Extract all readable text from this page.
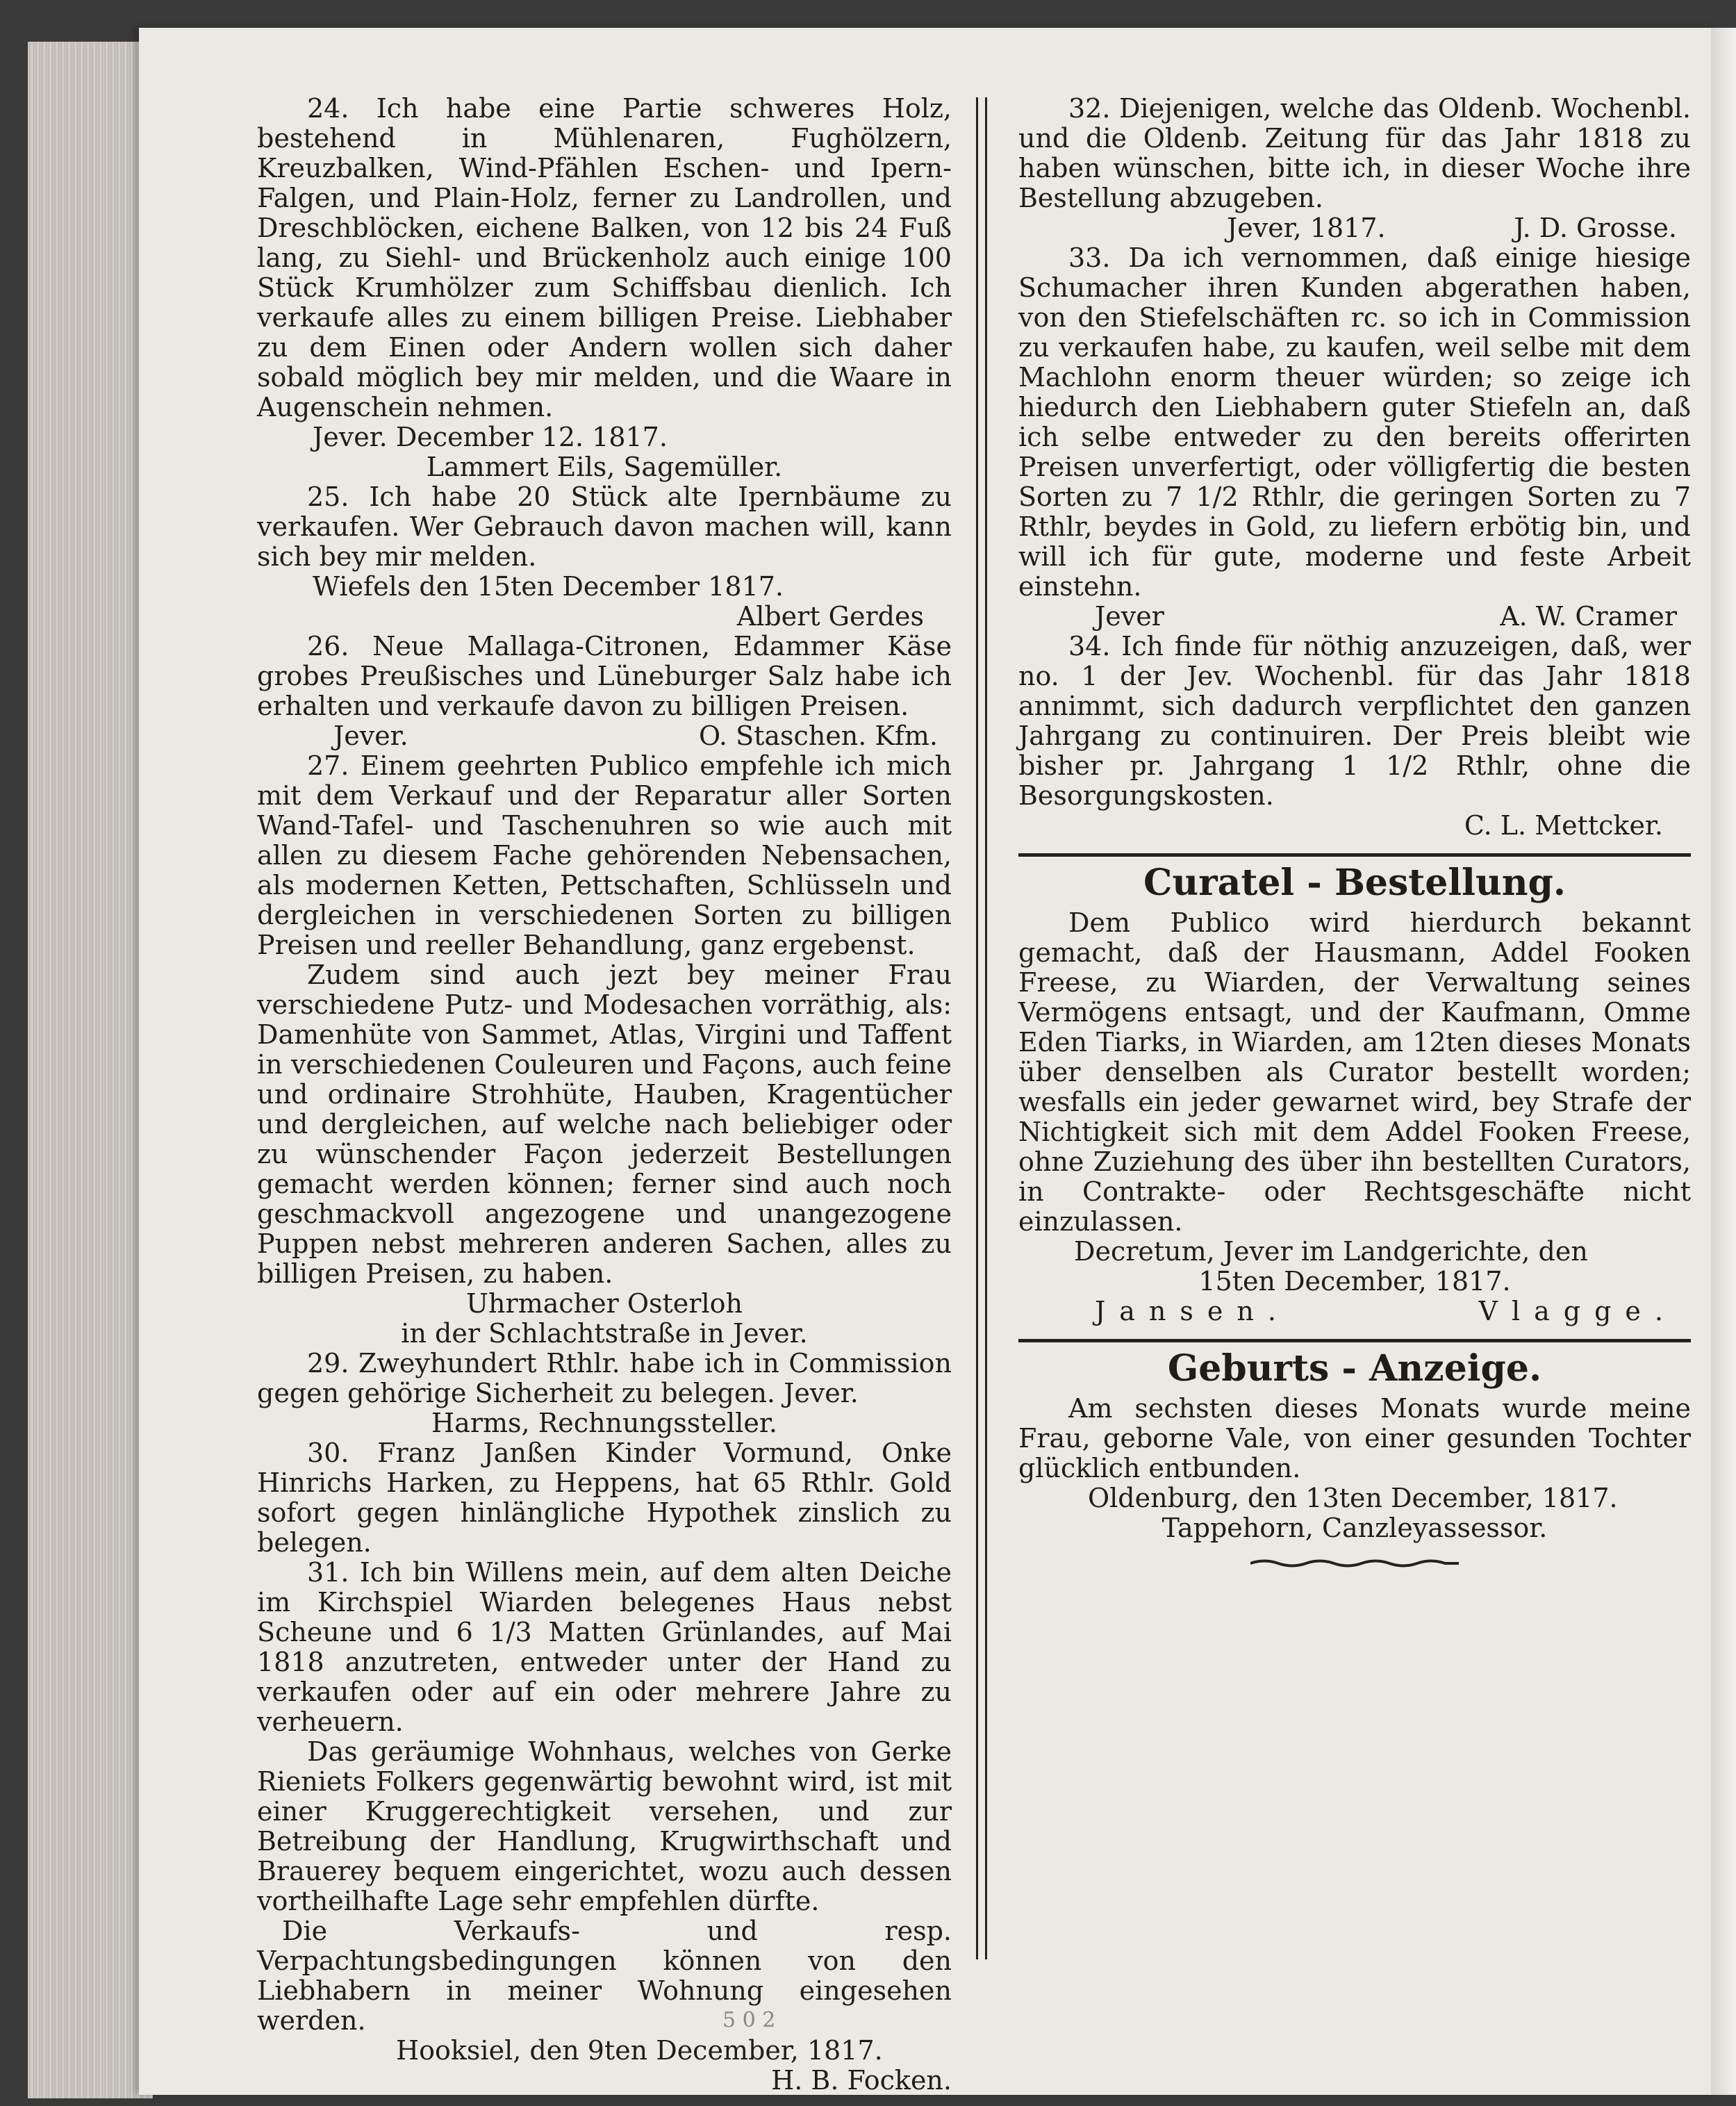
24. Ich habe eine Partie schweres Holz, bestehend in Mühlenaren, Fughölzern, Kreuzbalken, Wind-Pfählen Eschen- und Ipern-Falgen, und Plain-Holz, ferner zu Landrollen, und Dreschblöcken, eichene Balken, von 12 bis 24 Fuß lang, zu Siehl- und Brückenholz auch einige 100 Stück Krumhölzer zum Schiffsbau dienlich. Ich verkaufe alles zu einem billigen Preise. Liebhaber zu dem Einen oder Andern wollen sich daher sobald möglich bey mir melden, und die Waare in Augenschein nehmen.

Jever. December 12. 1817.

Lammert Eils, Sagemüller.

25. Ich habe 20 Stück alte Ipernbäume zu verkaufen. Wer Gebrauch davon machen will, kann sich bey mir melden.

Wiefels den 15ten December 1817.

Albert Gerdes

26. Neue Mallaga-Citronen, Edammer Käse grobes Preußisches und Lüneburger Salz habe ich erhalten und verkaufe davon zu billigen Preisen.

Jever.	O. Staschen. Kfm.

27. Einem geehrten Publico empfehle ich mich mit dem Verkauf und der Reparatur aller Sorten Wand-Tafel- und Taschenuhren so wie auch mit allen zu diesem Fache gehörenden Nebensachen, als modernen Ketten, Pettschaften, Schlüsseln und dergleichen in verschiedenen Sorten zu billigen Preisen und reeller Behandlung, ganz ergebenst.

Zudem sind auch jezt bey meiner Frau verschiedene Putz- und Modesachen vorräthig, als: Damenhüte von Sammet, Atlas, Virgini und Taffent in verschiedenen Couleuren und Façons, auch feine und ordinaire Strohhüte, Hauben, Kragentücher und dergleichen, auf welche nach beliebiger oder zu wünschender Façon jederzeit Bestellungen gemacht werden können; ferner sind auch noch geschmackvoll angezogene und unangezogene Puppen nebst mehreren anderen Sachen, alles zu billigen Preisen, zu haben.

Uhrmacher Osterloh

in der Schlachtstraße in Jever.

29. Zweyhundert Rthlr. habe ich in Commission gegen gehörige Sicherheit zu belegen. Jever.

Harms, Rechnungssteller.

30. Franz Janßen Kinder Vormund, Onke Hinrichs Harken, zu Heppens, hat 65 Rthlr. Gold sofort gegen hinlängliche Hypothek zinslich zu belegen.

31. Ich bin Willens mein, auf dem alten Deiche im Kirchspiel Wiarden belegenes Haus nebst Scheune und 6 1/3 Matten Grünlandes, auf Mai 1818 anzutreten, entweder unter der Hand zu verkaufen oder auf ein oder mehrere Jahre zu verheuern.

Das geräumige Wohnhaus, welches von Gerke Rieniets Folkers gegenwärtig bewohnt wird, ist mit einer Kruggerechtigkeit versehen, und zur Betreibung der Handlung, Krugwirthschaft und Brauerey bequem eingerichtet, wozu auch dessen vortheilhafte Lage sehr empfehlen dürfte.

Die Verkaufs- und resp. Verpachtungsbedingungen können von den Liebhabern in meiner Wohnung eingesehen werden.

Hooksiel, den 9ten December, 1817.

H. B. Focken.

32. Diejenigen, welche das Oldenb. Wochenbl. und die Oldenb. Zeitung für das Jahr 1818 zu haben wünschen, bitte ich, in dieser Woche ihre Bestellung abzugeben.

Jever, 1817.	J. D. Grosse.

33. Da ich vernommen, daß einige hiesige Schumacher ihren Kunden abgerathen haben, von den Stiefelschäften rc. so ich in Commission zu verkaufen habe, zu kaufen, weil selbe mit dem Machlohn enorm theuer würden; so zeige ich hiedurch den Liebhabern guter Stiefeln an, daß ich selbe entweder zu den bereits offerirten Preisen unverfertigt, oder völligfertig die besten Sorten zu 7 1/2 Rthlr, die geringen Sorten zu 7 Rthlr, beydes in Gold, zu liefern erbötig bin, und will ich für gute, moderne und feste Arbeit einstehn.

Jever	A. W. Cramer

34. Ich finde für nöthig anzuzeigen, daß, wer no. 1 der Jev. Wochenbl. für das Jahr 1818 annimmt, sich dadurch verpflichtet den ganzen Jahrgang zu continuiren. Der Preis bleibt wie bisher pr. Jahrgang 1 1/2 Rthlr, ohne die Besorgungskosten.

C. L. Mettcker.

Curatel - Bestellung.

Dem Publico wird hierdurch bekannt gemacht, daß der Hausmann, Addel Fooken Freese, zu Wiarden, der Verwaltung seines Vermögens entsagt, und der Kaufmann, Omme Eden Tiarks, in Wiarden, am 12ten dieses Monats über denselben als Curator bestellt worden; wesfalls ein jeder gewarnet wird, bey Strafe der Nichtigkeit sich mit dem Addel Fooken Freese, ohne Zuziehung des über ihn bestellten Curators, in Contrakte- oder Rechtsgeschäfte nicht einzulassen.

Decretum, Jever im Landgerichte, den

15ten December, 1817.

Jansen.	Vlagge.

Geburts - Anzeige.

Am sechsten dieses Monats wurde meine Frau, geborne Vale, von einer gesunden Tochter glücklich entbunden.

Oldenburg, den 13ten December, 1817.

Tappehorn, Canzleyassessor.

5 0 2
